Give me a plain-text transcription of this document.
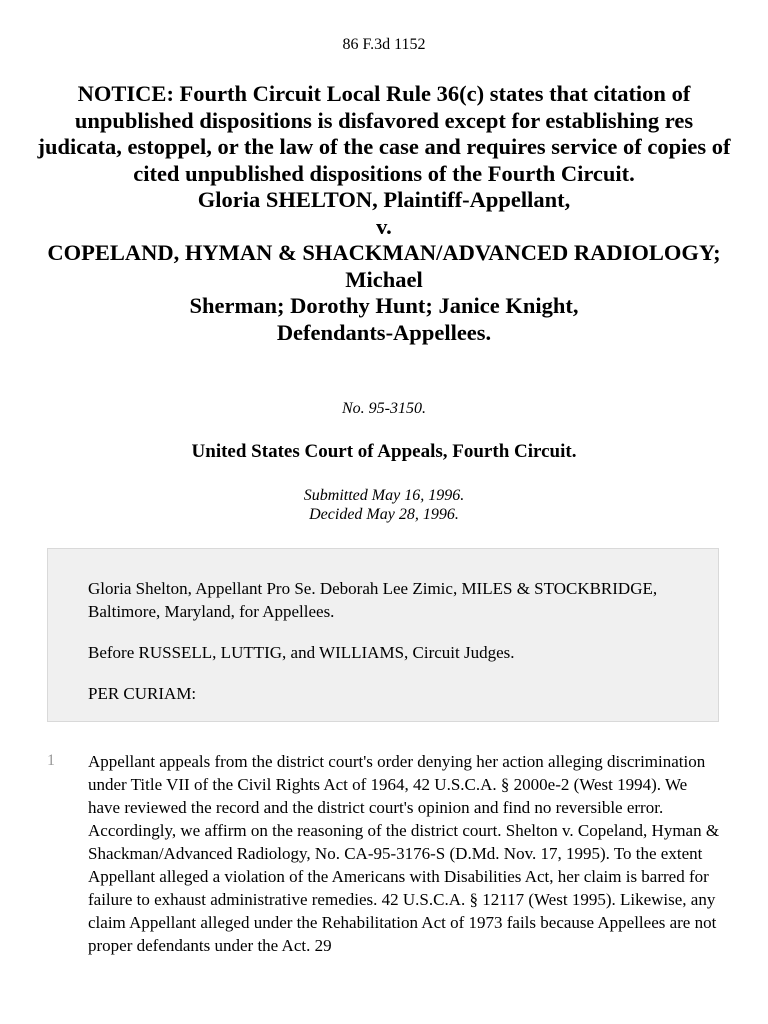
86 F.3d 1152
NOTICE: Fourth Circuit Local Rule 36(c) states that citation of unpublished dispositions is disfavored except for establishing res judicata, estoppel, or the law of the case and requires service of copies of cited unpublished dispositions of the Fourth Circuit.
Gloria SHELTON, Plaintiff-Appellant,
v.
COPELAND, HYMAN & SHACKMAN/ADVANCED RADIOLOGY; Michael
Sherman; Dorothy Hunt; Janice Knight,
Defendants-Appellees.
No. 95-3150.
United States Court of Appeals, Fourth Circuit.
Submitted May 16, 1996.
Decided May 28, 1996.

Gloria Shelton, Appellant Pro Se. Deborah Lee Zimic, MILES & STOCKBRIDGE, Baltimore, Maryland, for Appellees.

Before RUSSELL, LUTTIG, and WILLIAMS, Circuit Judges.

PER CURIAM:

1 Appellant appeals from the district court's order denying her action alleging discrimination under Title VII of the Civil Rights Act of 1964, 42 U.S.C.A. § 2000e-2 (West 1994). We have reviewed the record and the district court's opinion and find no reversible error. Accordingly, we affirm on the reasoning of the district court. Shelton v. Copeland, Hyman & Shackman/Advanced Radiology, No. CA-95-3176-S (D.Md. Nov. 17, 1995). To the extent Appellant alleged a violation of the Americans with Disabilities Act, her claim is barred for failure to exhaust administrative remedies. 42 U.S.C.A. § 12117 (West 1995). Likewise, any claim Appellant alleged under the Rehabilitation Act of 1973 fails because Appellees are not proper defendants under the Act. 29
